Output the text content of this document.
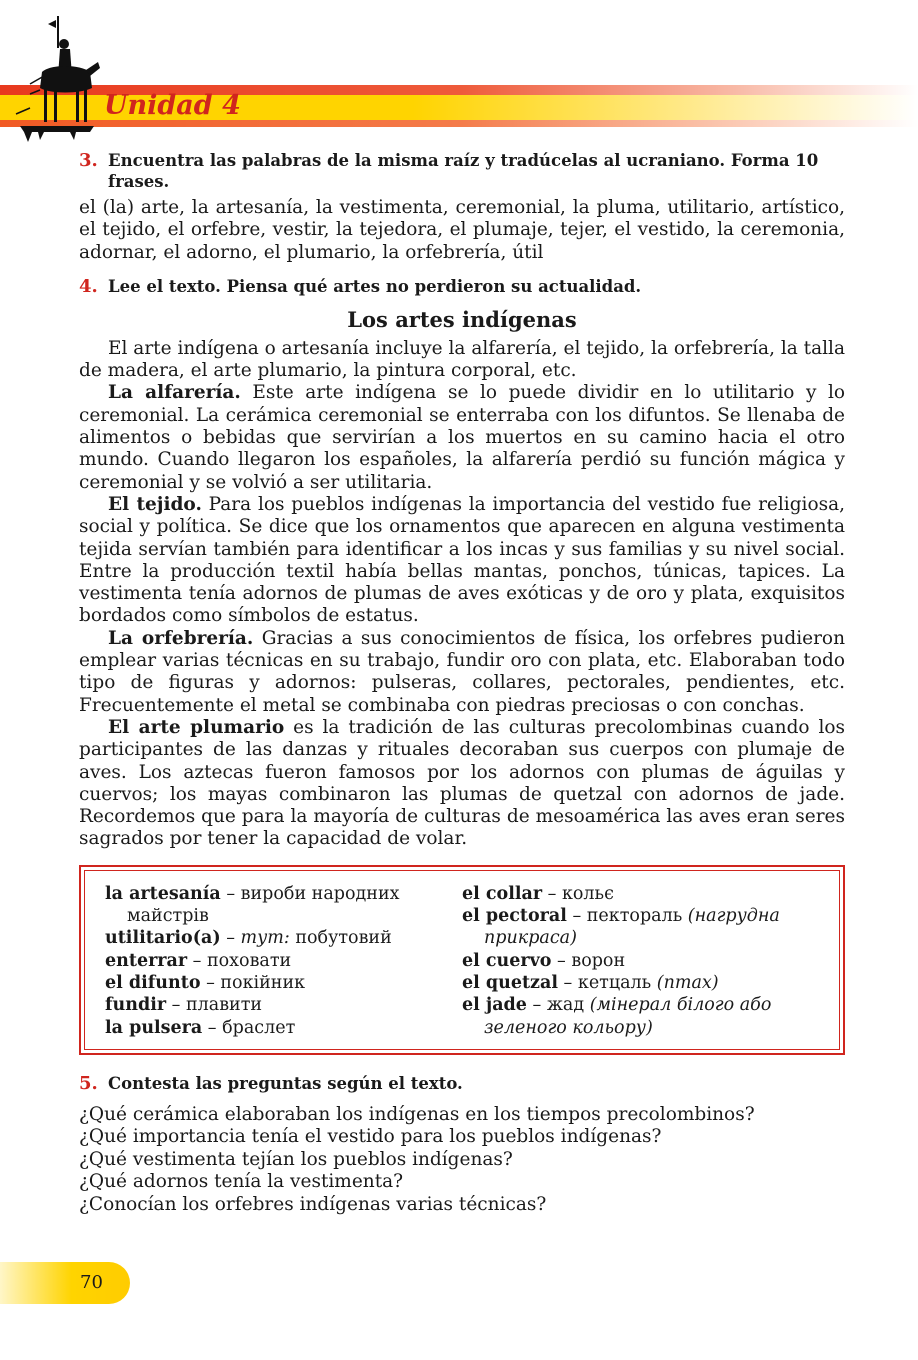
Unidad 4

3. Encuentra las palabras de la misma raíz y tradúcelas al ucraniano. Forma 10 frases.

el (la) arte, la artesanía, la vestimenta, ceremonial, la pluma, utilitario, artístico, el tejido, el orfebre, vestir, la tejedora, el plumaje, tejer, el vestido, la ceremonia, adornar, el adorno, el plumario, la orfebrería, útil

4. Lee el texto. Piensa qué artes no perdieron su actualidad.

Los artes indígenas

El arte indígena o artesanía incluye la alfarería, el tejido, la orfebrería, la talla de madera, el arte plumario, la pintura corporal, etc.

La alfarería. Este arte indígena se lo puede dividir en lo utilitario y lo ceremonial. La cerámica ceremonial se enterraba con los difuntos. Se llenaba de alimentos o bebidas que servirían a los muertos en su camino hacia el otro mundo. Cuando llegaron los españoles, la alfarería perdió su función mágica y ceremonial y se volvió a ser utilitaria.

El tejido. Para los pueblos indígenas la importancia del vestido fue religiosa, social y política. Se dice que los ornamentos que aparecen en alguna vestimenta tejida servían también para identificar a los incas y sus familias y su nivel social. Entre la producción textil había bellas mantas, ponchos, túnicas, tapices. La vestimenta tenía adornos de plumas de aves exóticas y de oro y plata, exquisitos bordados como símbolos de estatus.

La orfebrería. Gracias a sus conocimientos de física, los orfebres pudieron emplear varias técnicas en su trabajo, fundir oro con plata, etc. Elaboraban todo tipo de figuras y adornos: pulseras, collares, pectorales, pendientes, etc. Frecuentemente el metal se combinaba con piedras preciosas o con conchas.

El arte plumario es la tradición de las culturas precolombinas cuando los participantes de las danzas y rituales decoraban sus cuerpos con plumaje de aves. Los aztecas fueron famosos por los adornos con plumas de águilas y cuervos; los mayas combinaron las plumas de quetzal con adornos de jade. Recordemos que para la mayoría de culturas de mesoamérica las aves eran seres sagrados por tener la capacidad de volar.

la artesanía – вироби народних майстрів
utilitario(a) – тут: побутовий
enterrar – поховати
el difunto – покійник
fundir – плавити
la pulsera – браслет
el collar – кольє
el pectoral – пектораль (нагрудна прикраса)
el cuervo – ворон
el quetzal – кетцаль (птах)
el jade – жад (мінерал білого або зеленого кольору)

5. Contesta las preguntas según el texto.

¿Qué cerámica elaboraban los indígenas en los tiempos precolombinos?
¿Qué importancia tenía el vestido para los pueblos indígenas?
¿Qué vestimenta tejían los pueblos indígenas?
¿Qué adornos tenía la vestimenta?
¿Conocían los orfebres indígenas varias técnicas?
70
